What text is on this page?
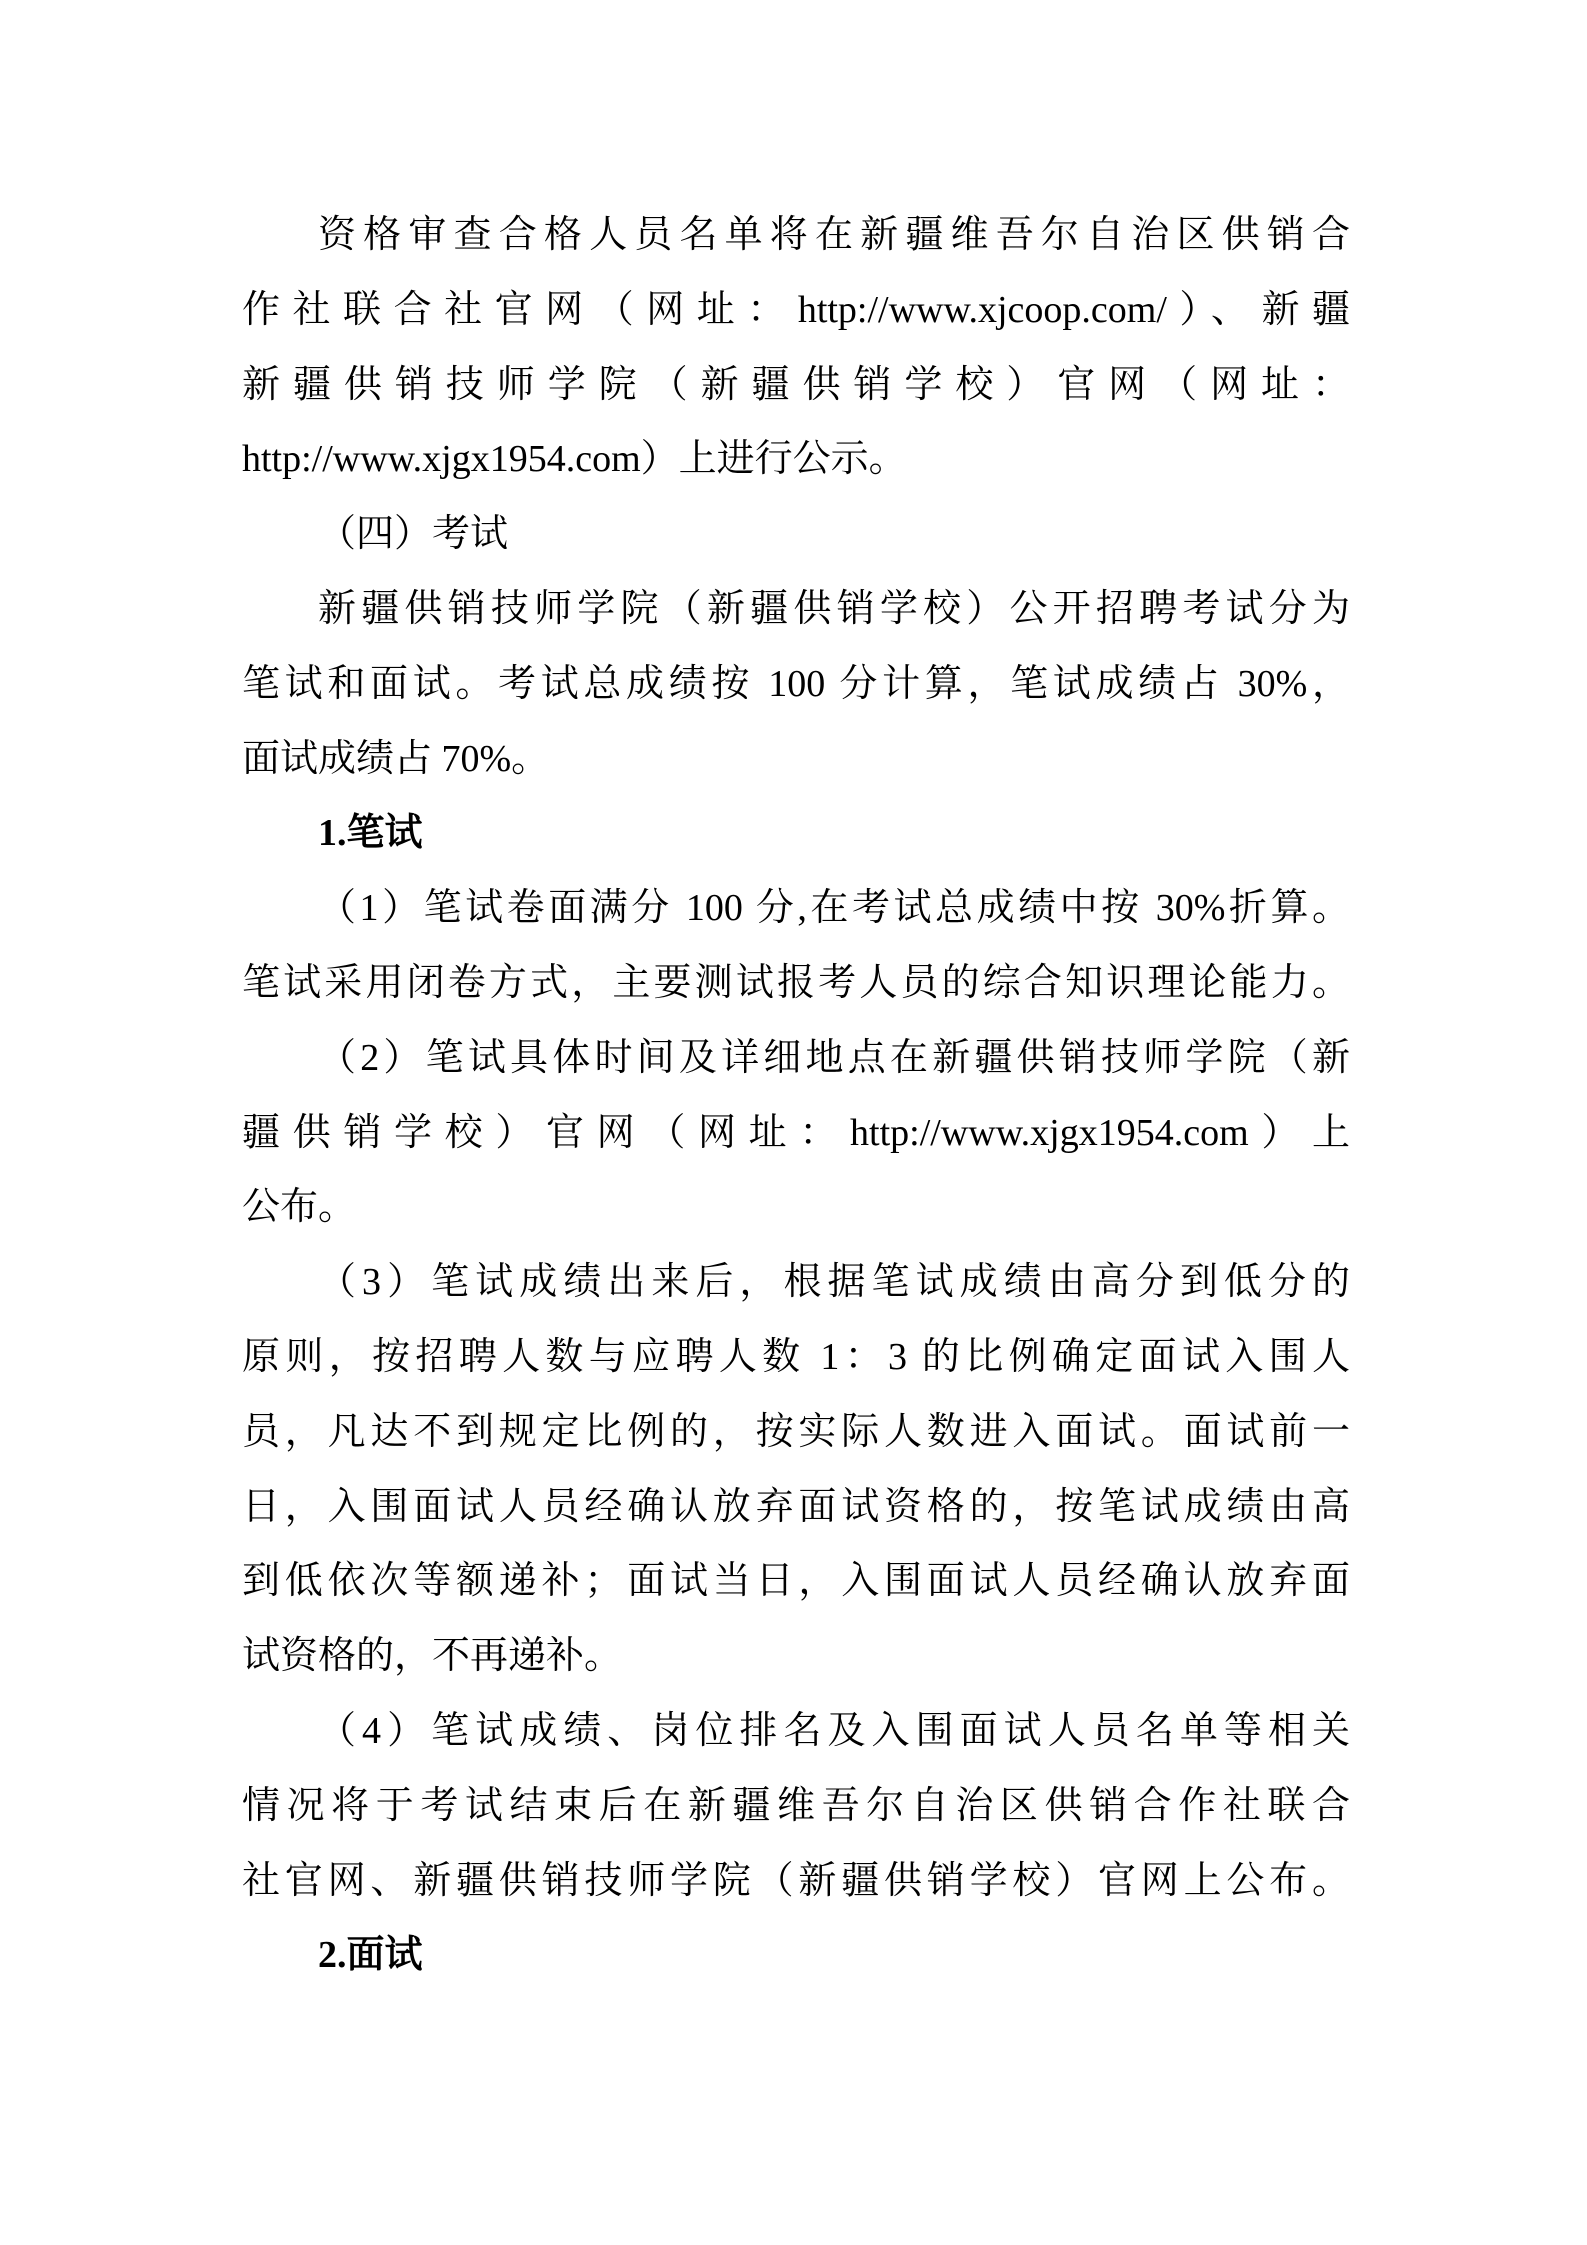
资格审查合格人员名单将在新疆维吾尔自治区供销合
作社联合社官网（网址：http://www.xjcoop.com/）、新疆
新疆供销技师学院（新疆供销学校）官网（网址：
http://www.xjgx1954.com）上进行公示。
（四）考试
新疆供销技师学院（新疆供销学校）公开招聘考试分为
笔试和面试。考试总成绩按 100 分计算，笔试成绩占 30%，
面试成绩占 70%。
1.笔试
（1）笔试卷面满分 100 分,在考试总成绩中按 30%折算。
笔试采用闭卷方式，主要测试报考人员的综合知识理论能力。
（2）笔试具体时间及详细地点在新疆供销技师学院（新
疆供销学校）官网（网址：http://www.xjgx1954.com）上
公布。
（3）笔试成绩出来后，根据笔试成绩由高分到低分的
原则，按招聘人数与应聘人数 1：3 的比例确定面试入围人
员，凡达不到规定比例的，按实际人数进入面试。面试前一
日，入围面试人员经确认放弃面试资格的，按笔试成绩由高
到低依次等额递补；面试当日，入围面试人员经确认放弃面
试资格的，不再递补。
（4）笔试成绩、岗位排名及入围面试人员名单等相关
情况将于考试结束后在新疆维吾尔自治区供销合作社联合
社官网、新疆供销技师学院（新疆供销学校）官网上公布。
2.面试
